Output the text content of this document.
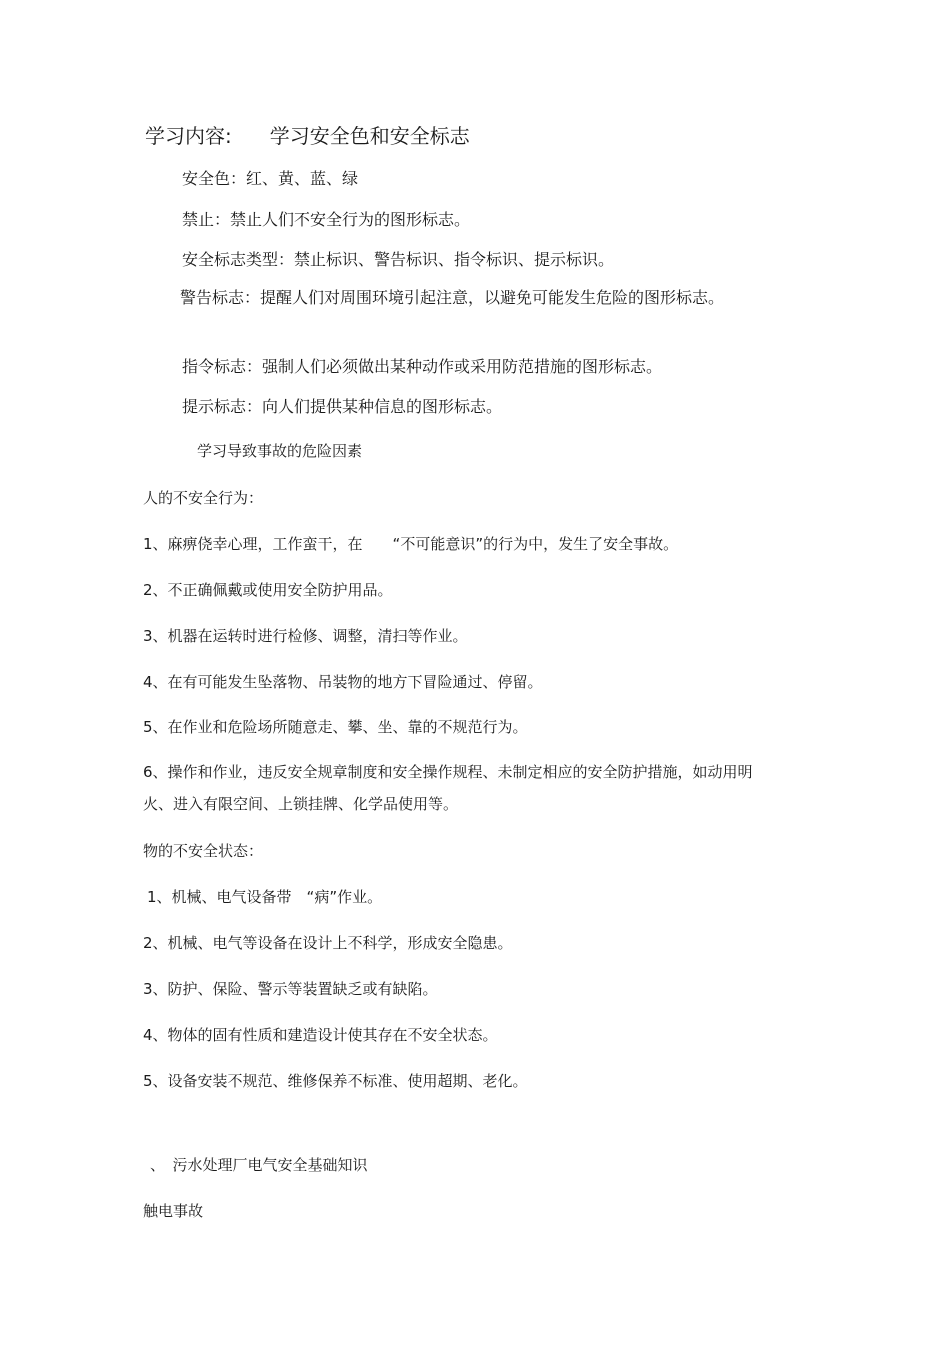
学习内容: 学习安全色和安全标志

安全色：红、黄、蓝、绿

禁止：禁止人们不安全行为的图形标志。

安全标志类型：禁止标识、警告标识、指令标识、提示标识。

警告标志：提醒人们对周围环境引起注意，以避免可能发生危险的图形标志。

指令标志：强制人们必须做出某种动作或采用防范措施的图形标志。

提示标志：向人们提供某种信息的图形标志。

学习导致事故的危险因素

人的不安全行为：

1、麻痹侥幸心理，工作蛮干，在　　“不可能意识”的行为中，发生了安全事故。

2、不正确佩戴或使用安全防护用品。

3、机器在运转时进行检修、调整，清扫等作业。

4、在有可能发生坠落物、吊装物的地方下冒险通过、停留。

5、在作业和危险场所随意走、攀、坐、靠的不规范行为。

6、操作和作业，违反安全规章制度和安全操作规程、未制定相应的安全防护措施，如动用明火、进入有限空间、上锁挂牌、化学品使用等。

物的不安全状态：

1、机械、电气设备带　“病”作业。

2、机械、电气等设备在设计上不科学，形成安全隐患。

3、防护、保险、警示等装置缺乏或有缺陷。

4、物体的固有性质和建造设计使其存在不安全状态。

5、设备安装不规范、维修保养不标准、使用超期、老化。

、　污水处理厂电气安全基础知识

触电事故
